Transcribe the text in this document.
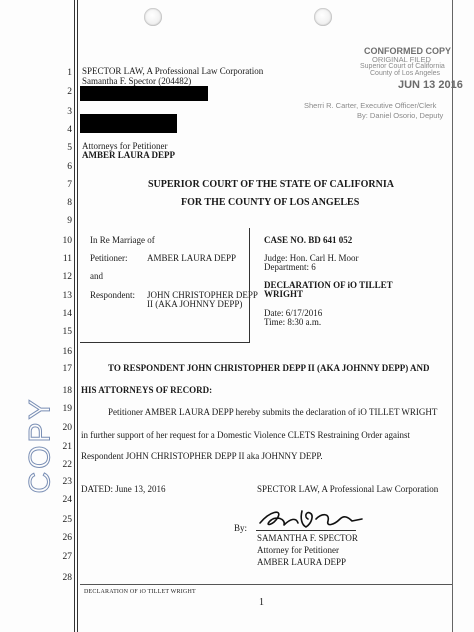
1
2
3
4
5
6
7
8
9
10
11
12
13
14
15
16
17
18
19
20
21
22
23
24
25
26
27
28
COPY
CONFORMED COPY
ORIGINAL FILED
Superior Court of California
County of Los Angeles
JUN 13 2016
Sherri R. Carter, Executive Officer/Clerk
By: Daniel Osorio, Deputy
SPECTOR LAW, A Professional Law Corporation
Samantha F. Spector (204482)
Attorneys for Petitioner
AMBER LAURA DEPP
SUPERIOR COURT OF THE STATE OF CALIFORNIA
FOR THE COUNTY OF LOS ANGELES
In Re Marriage of
Petitioner: AMBER LAURA DEPP
and
Respondent: JOHN CHRISTOPHER DEPP
II (AKA JOHNNY DEPP)
CASE NO. BD 641 052
Judge: Hon. Carl H. Moor
Department: 6
DECLARATION OF iO TILLET
WRIGHT
Date: 6/17/2016
Time: 8:30 a.m.
TO RESPONDENT JOHN CHRISTOPHER DEPP II (AKA JOHNNY DEPP) AND
HIS ATTORNEYS OF RECORD:
Petitioner AMBER LAURA DEPP hereby submits the declaration of iO TILLET WRIGHT
in further support of her request for a Domestic Violence CLETS Restraining Order against
Respondent JOHN CHRISTOPHER DEPP II aka JOHNNY DEPP.
DATED: June 13, 2016	SPECTOR LAW, A Professional Law Corporation
By:
SAMANTHA F. SPECTOR
Attorney for Petitioner
AMBER LAURA DEPP
DECLARATION OF iO TILLET WRIGHT
1
